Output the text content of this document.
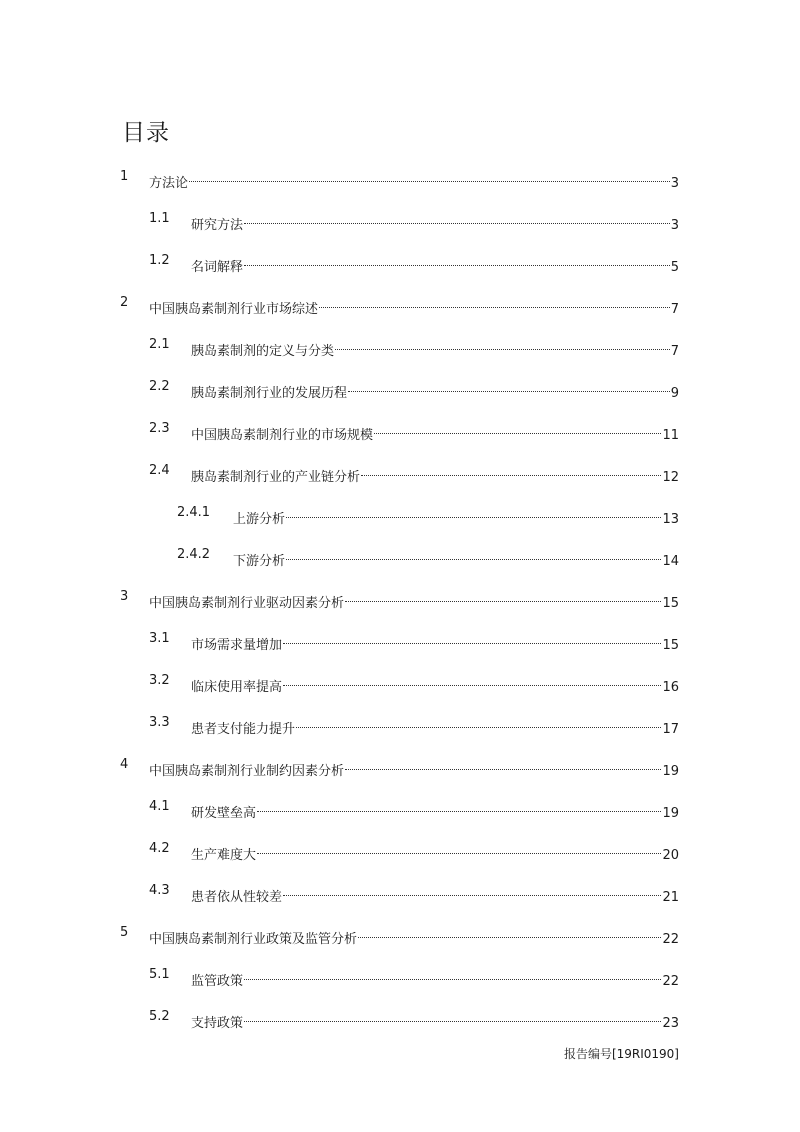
目录
1 方法论	3
1.1 研究方法	3
1.2 名词解释	5
2 中国胰岛素制剂行业市场综述	7
2.1 胰岛素制剂的定义与分类	7
2.2 胰岛素制剂行业的发展历程	9
2.3 中国胰岛素制剂行业的市场规模	11
2.4 胰岛素制剂行业的产业链分析	12
2.4.1 上游分析	13
2.4.2 下游分析	14
3 中国胰岛素制剂行业驱动因素分析	15
3.1 市场需求量增加	15
3.2 临床使用率提高	16
3.3 患者支付能力提升	17
4 中国胰岛素制剂行业制约因素分析	19
4.1 研发壁垒高	19
4.2 生产难度大	20
4.3 患者依从性较差	21
5 中国胰岛素制剂行业政策及监管分析	22
5.1 监管政策	22
5.2 支持政策	23
报告编号[19RI0190]
